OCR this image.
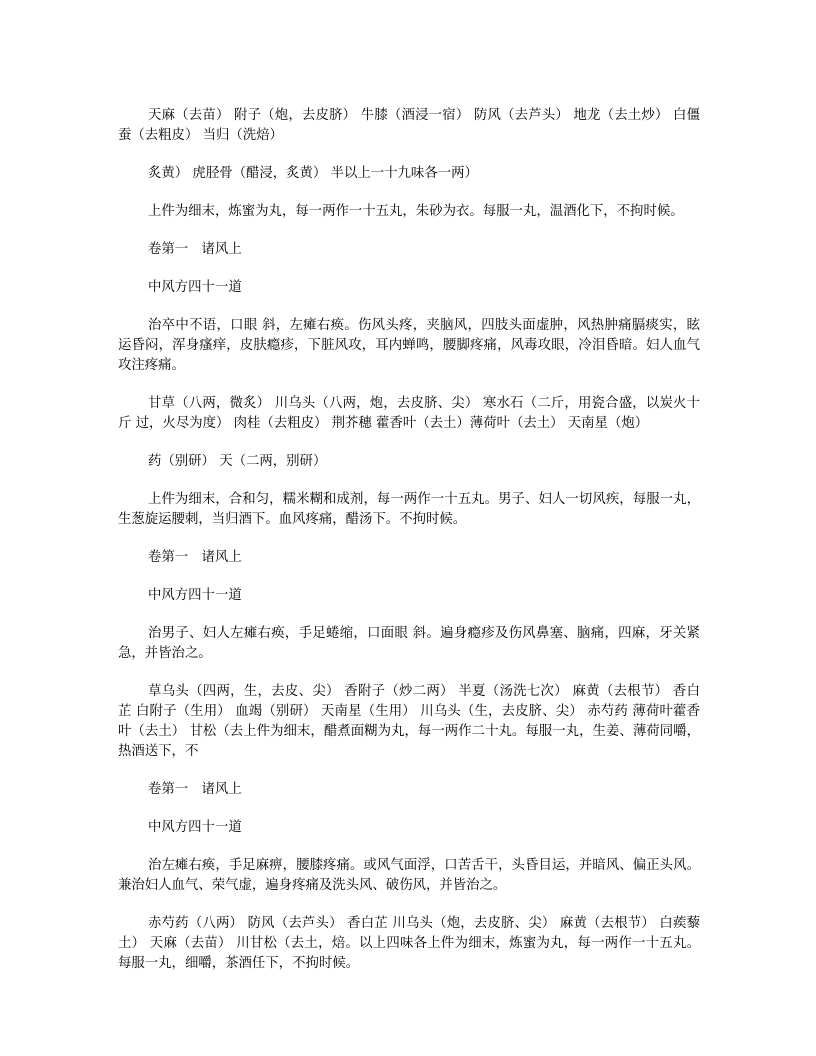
天麻（去苗） 附子（炮，去皮脐） 牛膝（酒浸一宿） 防风（去芦头） 地龙（去土炒） 白僵蚕（去粗皮） 当归（洗焙）

炙黄） 虎胫骨（醋浸，炙黄） 半以上一十九味各一两）

上件为细末，炼蜜为丸，每一两作一十五丸，朱砂为衣。每服一丸，温酒化下，不拘时候。

卷第一　诸风上

中风方四十一道

治卒中不语，口眼 斜，左瘫右痪。伤风头疼，夹脑风，四肢头面虚肿，风热肿痛膈痰实，眩运昏闷，浑身瘙痒，皮肤瘾疹，下脏风攻，耳内蝉鸣，腰脚疼痛，风毒攻眼，冷泪昏暗。妇人血气攻注疼痛。

甘草（八两，微炙） 川乌头（八两，炮，去皮脐、尖） 寒水石（二斤，用瓷合盛，以炭火十斤 过，火尽为度） 肉桂（去粗皮） 荆芥穗 藿香叶（去土）薄荷叶（去土） 天南星（炮）

药（别研） 天（二两，别研）

上件为细末，合和匀，糯米糊和成剂，每一两作一十五丸。男子、妇人一切风疾，每服一丸，生葱旋运腰刺，当归酒下。血风疼痛，醋汤下。不拘时候。

卷第一　诸风上

中风方四十一道

治男子、妇人左瘫右痪，手足蜷缩，口面眼 斜。遍身瘾疹及伤风鼻塞、脑痛，四麻，牙关紧急，并皆治之。

草乌头（四两，生，去皮、尖） 香附子（炒二两） 半夏（汤洗七次） 麻黄（去根节） 香白芷 白附子（生用） 血竭（别研） 天南星（生用） 川乌头（生，去皮脐、尖） 赤芍药 薄荷叶藿香叶（去土） 甘松（去上件为细末，醋煮面糊为丸，每一两作二十丸。每服一丸，生姜、薄荷同嚼，热酒送下，不

卷第一　诸风上

中风方四十一道

治左瘫右痪，手足麻痹，腰膝疼痛。或风气面浮，口苦舌干，头昏目运，并暗风、偏正头风。兼治妇人血气、荣气虚，遍身疼痛及洗头风、破伤风，并皆治之。

赤芍药（八两） 防风（去芦头） 香白芷 川乌头（炮，去皮脐、尖） 麻黄（去根节） 白蒺藜土） 天麻（去苗） 川甘松（去土，焙。以上四味各上件为细末，炼蜜为丸，每一两作一十五丸。每服一丸，细嚼，茶酒任下，不拘时候。
